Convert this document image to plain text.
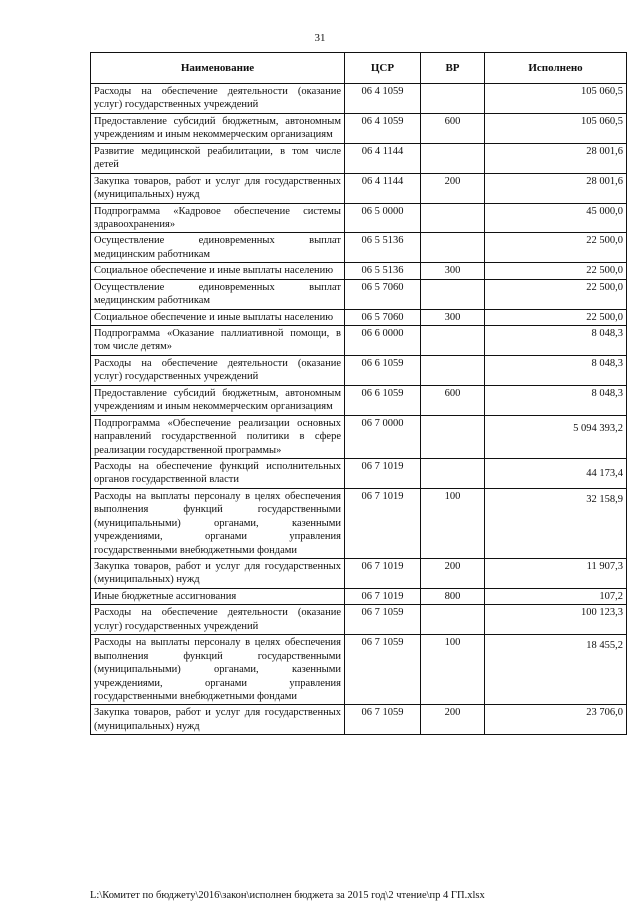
31
Наименование	ЦСР	ВР	Исполнено
Расходы на обеспечение деятельности (оказание услуг) государственных учреждений	06 4 1059		105 060,5
Предоставление субсидий бюджетным, автономным учреждениям и иным некоммерческим организациям	06 4 1059	600	105 060,5
Развитие медицинской реабилитации, в том числе детей	06 4 1144		28 001,6
Закупка товаров, работ и услуг для государственных (муниципальных) нужд	06 4 1144	200	28 001,6
Подпрограмма «Кадровое обеспечение системы здравоохранения»	06 5 0000		45 000,0
Осуществление единовременных выплат медицинским работникам	06 5 5136		22 500,0
Социальное обеспечение и иные выплаты населению	06 5 5136	300	22 500,0
Осуществление единовременных выплат медицинским работникам	06 5 7060		22 500,0
Социальное обеспечение и иные выплаты населению	06 5 7060	300	22 500,0
Подпрограмма «Оказание паллиативной помощи, в том числе детям»	06 6 0000		8 048,3
Расходы на обеспечение деятельности (оказание услуг) государственных учреждений	06 6 1059		8 048,3
Предоставление субсидий бюджетным, автономным учреждениям и иным некоммерческим организациям	06 6 1059	600	8 048,3
Подпрограмма «Обеспечение реализации основных направлений государственной политики в сфере реализации государственной программы»	06 7 0000		5 094 393,2
Расходы на обеспечение функций исполнительных органов государственной власти	06 7 1019		44 173,4
Расходы на выплаты персоналу в целях обеспечения выполнения функций государственными (муниципальными) органами, казенными учреждениями, органами управления государственными внебюджетными фондами	06 7 1019	100	32 158,9
Закупка товаров, работ и услуг для государственных (муниципальных) нужд	06 7 1019	200	11 907,3
Иные бюджетные ассигнования	06 7 1019	800	107,2
Расходы на обеспечение деятельности (оказание услуг) государственных учреждений	06 7 1059		100 123,3
Расходы на выплаты персоналу в целях обеспечения выполнения функций государственными (муниципальными) органами, казенными учреждениями, органами управления государственными внебюджетными фондами	06 7 1059	100	18 455,2
Закупка товаров, работ и услуг для государственных (муниципальных) нужд	06 7 1059	200	23 706,0
L:\Комитет по бюджету\2016\закон\исполнен бюджета за 2015 год\2 чтение\пр 4 ГП.xlsx
